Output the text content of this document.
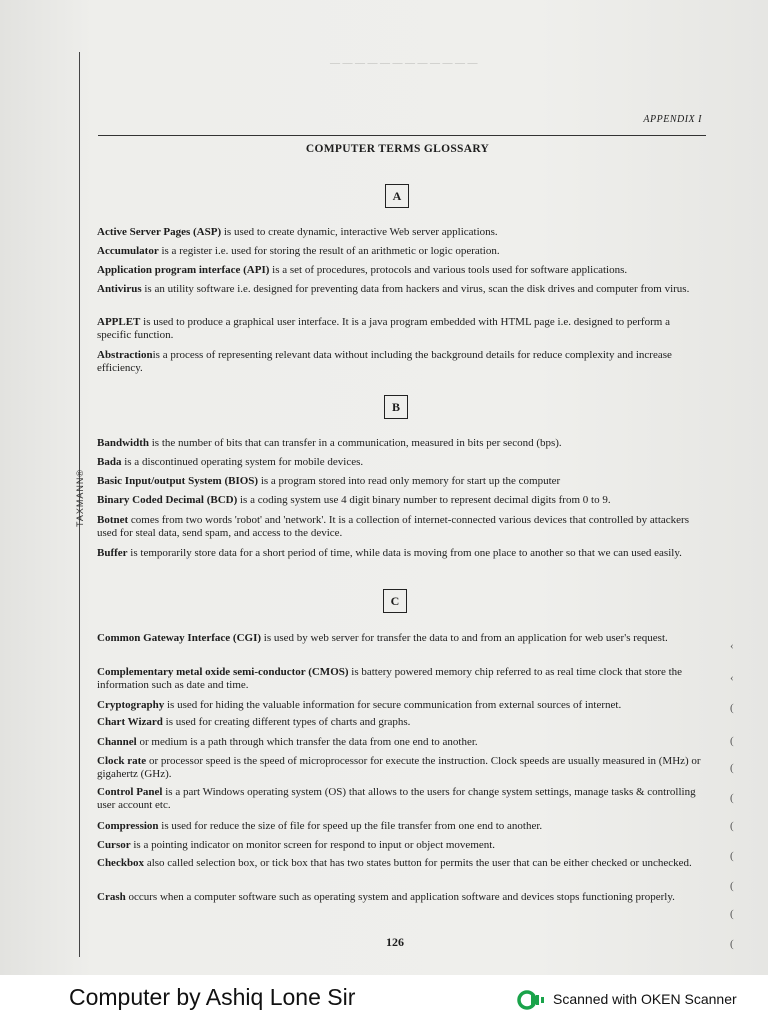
— — — — — — — — — — — —
TAXMANN®
APPENDIX I
COMPUTER TERMS GLOSSARY
A

Active Server Pages (ASP) is used to create dynamic, interactive Web server applications.

Accumulator is a register i.e. used for storing the result of an arithmetic or logic operation.

Application program interface (API) is a set of procedures, protocols and various tools used for software applications.

Antivirus is an utility software i.e. designed for preventing data from hackers and virus, scan the disk drives and computer from virus.

APPLET is used to produce a graphical user interface. It is a java program embedded with HTML page i.e. designed to perform a specific function.

Abstractionis a process of representing relevant data without including the background details for reduce complexity and increase efficiency.

B

Bandwidth is the number of bits that can transfer in a communication, measured in bits per second (bps).

Bada is a discontinued operating system for mobile devices.

Basic Input/output System (BIOS) is a program stored into read only memory for start up the computer

Binary Coded Decimal (BCD) is a coding system use 4 digit binary number to represent decimal digits from 0 to 9.

Botnet comes from two words 'robot' and 'network'. It is a collection of internet-connected various devices that controlled by attackers used for steal data, send spam, and access to the device.

Buffer is temporarily store data for a short period of time, while data is moving from one place to another so that we can used easily.

C

Common Gateway Interface (CGI) is used by web server for transfer the data to and from an application for web user's request.

Complementary metal oxide semi-conductor (CMOS) is battery powered memory chip referred to as real time clock that store the information such as date and time.

Cryptography is used for hiding the valuable information for secure communication from external sources of internet.

Chart Wizard is used for creating different types of charts and graphs.

Channel or medium is a path through which transfer the data from one end to another.

Clock rate or processor speed is the speed of microprocessor for execute the instruction. Clock speeds are usually measured in (MHz) or gigahertz (GHz).

Control Panel is a part Windows operating system (OS) that allows to the users for change system settings, manage tasks & controlling user account etc.

Compression is used for reduce the size of file for speed up the file transfer from one end to another.

Cursor is a pointing indicator on monitor screen for respond to input or object movement.

Checkbox also called selection box, or tick box that has two states button for permits the user that can be either checked or unchecked.

Crash occurs when a computer software such as operating system and application software and devices stops functioning properly.

126
‹
‹
(
(
(
(
(
(
(
(
(
Computer by Ashiq Lone Sir	Scanned with OKEN Scanner
